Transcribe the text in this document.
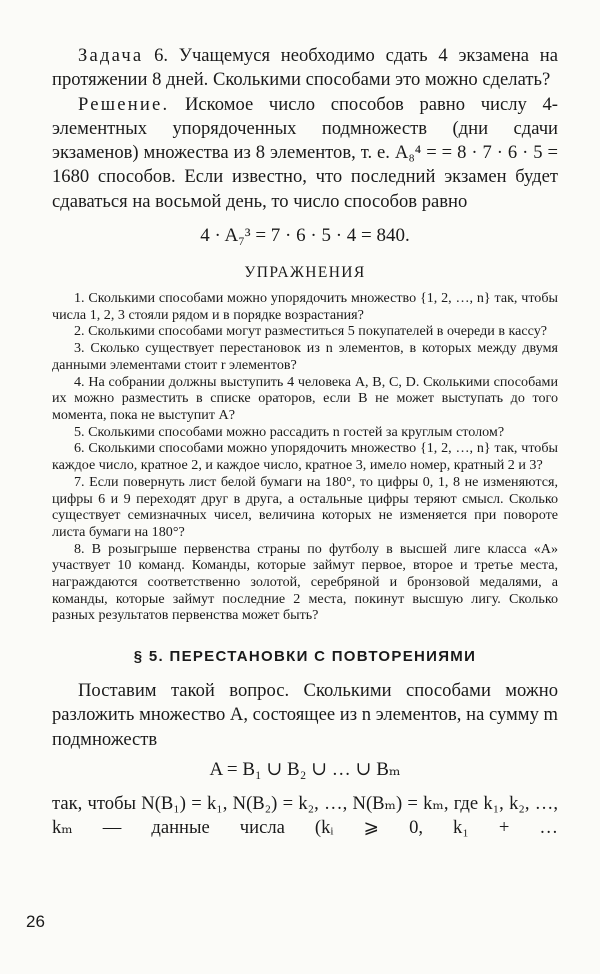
Задача 6. Учащемуся необходимо сдать 4 экзамена на протяжении 8 дней. Сколькими способами это можно сделать?

Решение. Искомое число способов равно числу 4-элементных упорядоченных подмножеств (дни сдачи экзаменов) множества из 8 элементов, т. е. A₈⁴ = = 8 · 7 · 6 · 5 = 1680 способов. Если известно, что последний экзамен будет сдаваться на восьмой день, то число способов равно

4 · A₇³ = 7 · 6 · 5 · 4 = 840.
УПРАЖНЕНИЯ

1. Сколькими способами можно упорядочить множество {1, 2, …, n} так, чтобы числа 1, 2, 3 стояли рядом и в порядке возрастания?

2. Сколькими способами могут разместиться 5 покупателей в очереди в кассу?

3. Сколько существует перестановок из n элементов, в которых между двумя данными элементами стоит r элементов?

4. На собрании должны выступить 4 человека A, B, C, D. Сколькими способами их можно разместить в списке ораторов, если B не может выступать до того момента, пока не выступит A?

5. Сколькими способами можно рассадить n гостей за круглым столом?

6. Сколькими способами можно упорядочить множество {1, 2, …, n} так, чтобы каждое число, кратное 2, и каждое число, кратное 3, имело номер, кратный 2 и 3?

7. Если повернуть лист белой бумаги на 180°, то цифры 0, 1, 8 не изменяются, цифры 6 и 9 переходят друг в друга, а остальные цифры теряют смысл. Сколько существует семизначных чисел, величина которых не изменяется при повороте листа бумаги на 180°?

8. В розыгрыше первенства страны по футболу в высшей лиге класса «А» участвует 10 команд. Команды, которые займут первое, второе и третье места, награждаются соответственно золотой, серебряной и бронзовой медалями, а команды, которые займут последние 2 места, покинут высшую лигу. Сколько разных результатов первенства может быть?

§ 5. ПЕРЕСТАНОВКИ С ПОВТОРЕНИЯМИ

Поставим такой вопрос. Сколькими способами можно разложить множество A, состоящее из n элементов, на сумму m подмножеств

A = B₁ ∪ B₂ ∪ … ∪ Bₘ

так, чтобы N(B₁) = k₁, N(B₂) = k₂, …, N(Bₘ) = kₘ, где k₁, k₂, …, kₘ — данные числа (kᵢ ⩾ 0, k₁ + …

26
